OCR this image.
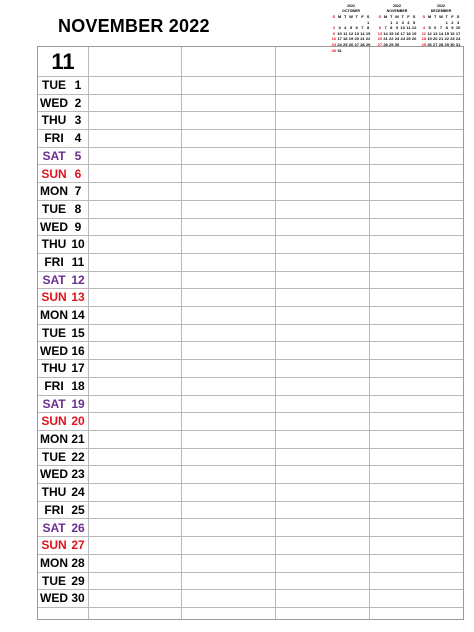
NOVEMBER 2022
2022
OCTOBER
S M T W T F S
1
2 3 4 5 6 7 8
9 10 11 12 13 14 15
16 17 18 19 20 21 22
23 24 25 26 27 28 29
30 31
2022
NOVEMBER
S M T W T F S
1 2 3 4 5
6 7 8 9 10 11 12
13 14 15 16 17 18 19
20 21 22 23 24 25 26
27 28 29 30
2022
DECEMBER
S M T W T F S
1 2 3
4 5 6 7 8 9 10
11 12 13 14 15 16 17
18 19 20 21 22 23 24
25 26 27 28 29 30 31
11
TUE 1
WED 2
THU 3
FRI 4
SAT 5
SUN 6
MON 7
TUE 8
WED 9
THU 10
FRI 11
SAT 12
SUN 13
MON 14
TUE 15
WED 16
THU 17
FRI 18
SAT 19
SUN 20
MON 21
TUE 22
WED 23
THU 24
FRI 25
SAT 26
SUN 27
MON 28
TUE 29
WED 30
